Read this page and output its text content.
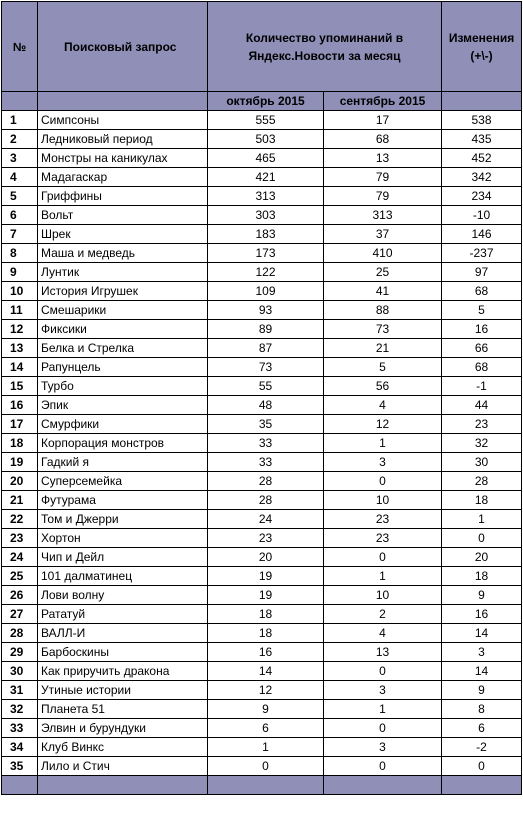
№	Поисковый запрос	Количество упоминаний в Яндекс.Новости за месяц		Изменения (+\-)
		октябрь 2015	сентябрь 2015	
1	Симпсоны	555	17	538
2	Ледниковый период	503	68	435
3	Монстры на каникулах	465	13	452
4	Мадагаскар	421	79	342
5	Гриффины	313	79	234
6	Вольт	303	313	-10
7	Шрек	183	37	146
8	Маша и медведь	173	410	-237
9	Лунтик	122	25	97
10	История Игрушек	109	41	68
11	Смешарики	93	88	5
12	Фиксики	89	73	16
13	Белка и Стрелка	87	21	66
14	Рапунцель	73	5	68
15	Турбо	55	56	-1
16	Эпик	48	4	44
17	Смурфики	35	12	23
18	Корпорация монстров	33	1	32
19	Гадкий я	33	3	30
20	Суперсемейка	28	0	28
21	Футурама	28	10	18
22	Том и Джерри	24	23	1
23	Хортон	23	23	0
24	Чип и Дейл	20	0	20
25	101 далматинец	19	1	18
26	Лови волну	19	10	9
27	Рататуй	18	2	16
28	ВАЛЛ-И	18	4	14
29	Барбоскины	16	13	3
30	Как приручить дракона	14	0	14
31	Утиные истории	12	3	9
32	Планета 51	9	1	8
33	Элвин и бурундуки	6	0	6
34	Клуб Винкс	1	3	-2
35	Лило и Стич	0	0	0
